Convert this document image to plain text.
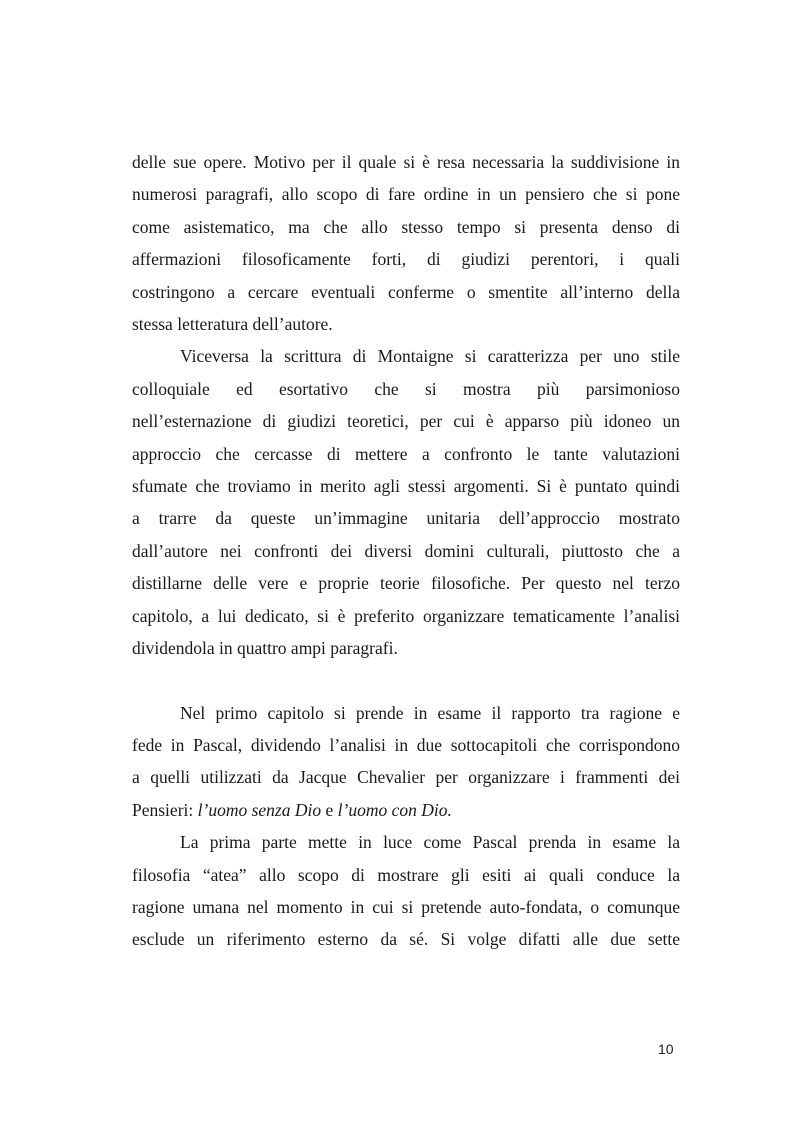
delle sue opere. Motivo per il quale si è resa necessaria la suddivisione in
numerosi paragrafi, allo scopo di fare ordine in un pensiero che si pone
come asistematico, ma che allo stesso tempo si presenta denso di
affermazioni filosoficamente forti, di giudizi perentori, i quali
costringono a cercare eventuali conferme o smentite all’interno della
stessa letteratura dell’autore.

Viceversa la scrittura di Montaigne si caratterizza per uno stile
colloquiale ed esortativo che si mostra più parsimonioso
nell’esternazione di giudizi teoretici, per cui è apparso più idoneo un
approccio che cercasse di mettere a confronto le tante valutazioni
sfumate che troviamo in merito agli stessi argomenti. Si è puntato quindi
a trarre da queste un’immagine unitaria dell’approccio mostrato
dall’autore nei confronti dei diversi domini culturali, piuttosto che a
distillarne delle vere e proprie teorie filosofiche. Per questo nel terzo
capitolo, a lui dedicato, si è preferito organizzare tematicamente l’analisi
dividendola in quattro ampi paragrafi.

Nel primo capitolo si prende in esame il rapporto tra ragione e
fede in Pascal, dividendo l’analisi in due sottocapitoli che corrispondono
a quelli utilizzati da Jacque Chevalier per organizzare i frammenti dei
Pensieri: l’uomo senza Dio e l’uomo con Dio.

La prima parte mette in luce come Pascal prenda in esame la
filosofia “atea” allo scopo di mostrare gli esiti ai quali conduce la
ragione umana nel momento in cui si pretende auto-fondata, o comunque
esclude un riferimento esterno da sé. Si volge difatti alle due sette

10
